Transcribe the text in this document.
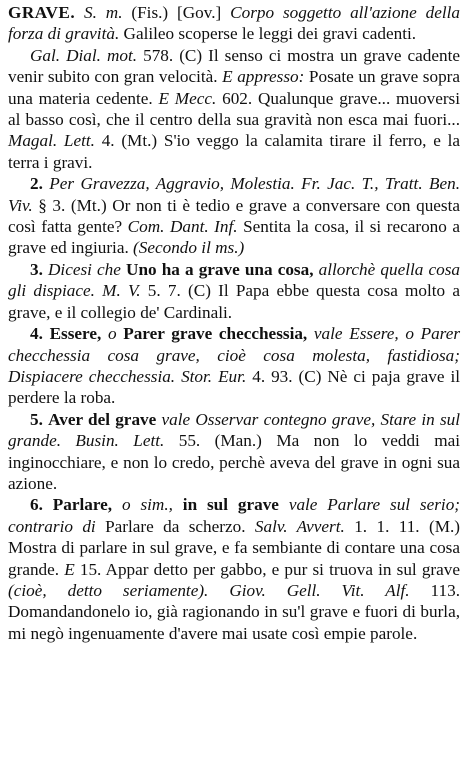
GRAVE. S. m. (Fis.) [Gov.] Corpo soggetto all'azione della forza di gravità. Galileo scoperse le leggi dei gravi cadenti.

Gal. Dial. mot. 578. (C) Il senso ci mostra un grave cadente venir subito con gran velocità. E appresso: Posate un grave sopra una materia cedente. E Mecc. 602. Qualunque grave... muoversi al basso così, che il centro della sua gravità non esca mai fuori... Magal. Lett. 4. (Mt.) S'io veggo la calamita tirare il ferro, e la terra i gravi.

2. Per Gravezza, Aggravio, Molestia. Fr. Jac. T., Tratt. Ben. Viv. § 3. (Mt.) Or non ti è tedio e grave a conversare con questa così fatta gente? Com. Dant. Inf. Sentita la cosa, il si recarono a grave ed ingiuria. (Secondo il ms.)

3. Dicesi che Uno ha a grave una cosa, allorchè quella cosa gli dispiace. M. V. 5. 7. (C) Il Papa ebbe questa cosa molto a grave, e il collegio de' Cardinali.

4. Essere, o Parer grave checchessia, vale Essere, o Parer checchessia cosa grave, cioè cosa molesta, fastidiosa; Dispiacere checchessia. Stor. Eur. 4. 93. (C) Nè ci paja grave il perdere la roba.

5. Aver del grave vale Osservar contegno grave, Stare in sul grande. Busin. Lett. 55. (Man.) Ma non lo veddi mai inginocchiare, e non lo credo, perchè aveva del grave in ogni sua azione.

6. Parlare, o sim., in sul grave vale Parlare sul serio; contrario di Parlare da scherzo. Salv. Avvert. 1. 1. 11. (M.) Mostra di parlare in sul grave, e fa sembiante di contare una cosa grande. E 15. Appar detto per gabbo, e pur si truova in sul grave (cioè, detto seriamente). Giov. Gell. Vit. Alf. 113. Domandandonelo io, già ragionando in su'l grave e fuori di burla, mi negò ingenuamente d'avere mai usate così empie parole.
